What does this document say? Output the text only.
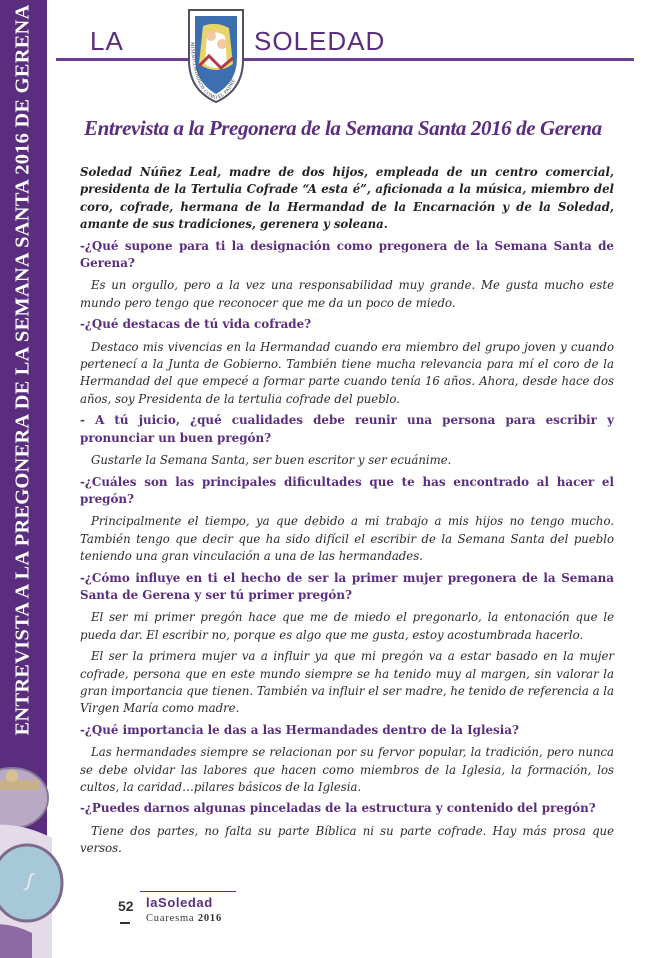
ENTREVISTA A LA PREGONERA DE LA SEMANA SANTA 2016 DE GERENA
ꭍ
LA	MISERICORDIOSOS COMO EL PADRE
SOLEDAD
Entrevista a la Pregonera de la Semana Santa 2016 de Gerena

Soledad Núñez Leal, madre de dos hijos, empleada de un centro comercial, presidenta de la Tertulia Cofrade “A esta é”, aficionada a la música, miembro del coro, cofrade, hermana de la Hermandad de la Encarnación y de la Soledad, amante de sus tradiciones, gerenera y soleana.

-¿Qué supone para ti la designación como pregonera de la Semana Santa de Gerena?

Es un orgullo, pero a la vez una responsabilidad muy grande. Me gusta mucho este mundo pero tengo que reconocer que me da un poco de miedo.

-¿Qué destacas de tú vida cofrade?

Destaco mis vivencias en la Hermandad cuando era miembro del grupo joven y cuando pertenecí a la Junta de Gobierno. También tiene mucha relevancia para mí el coro de la Hermandad del que empecé a formar parte cuando tenía 16 años. Ahora, desde hace dos años, soy Presidenta de la tertulia cofrade del pueblo.

- A tú juicio, ¿qué cualidades debe reunir una persona para escribir y pronunciar un buen pregón?

Gustarle la Semana Santa, ser buen escritor y ser ecuánime.

-¿Cuáles son las principales dificultades que te has encontrado al hacer el pregón?

Principalmente el tiempo, ya que debido a mi trabajo a mis hijos no tengo mucho. También tengo que decir que ha sido difícil el escribir de la Semana Santa del pueblo teniendo una gran vinculación a una de las hermandades.

-¿Cómo influye en ti el hecho de ser la primer mujer pregonera de la Semana Santa de Gerena y ser tú primer pregón?

El ser mi primer pregón hace que me de miedo el pregonarlo, la entonación que le pueda dar. El escribir no, porque es algo que me gusta, estoy acostumbrada hacerlo.

El ser la primera mujer va a influir ya que mi pregón va a estar basado en la mujer cofrade, persona que en este mundo siempre se ha tenido muy al margen, sin valorar la gran importancia que tienen. También va influir el ser madre, he tenido de referencia a la Virgen María como madre.

-¿Qué importancia le das a las Hermandades dentro de la Iglesia?

Las hermandades siempre se relacionan por su fervor popular, la tradición, pero nunca se debe olvidar las labores que hacen como miembros de la Iglesia, la formación, los cultos, la caridad…pilares básicos de la Iglesia.

-¿Puedes darnos algunas pinceladas de la estructura y contenido del pregón?

Tiene dos partes, no falta su parte Bíblica ni su parte cofrade. Hay más prosa que versos.

52 laSoledad
Cuaresma 2016
